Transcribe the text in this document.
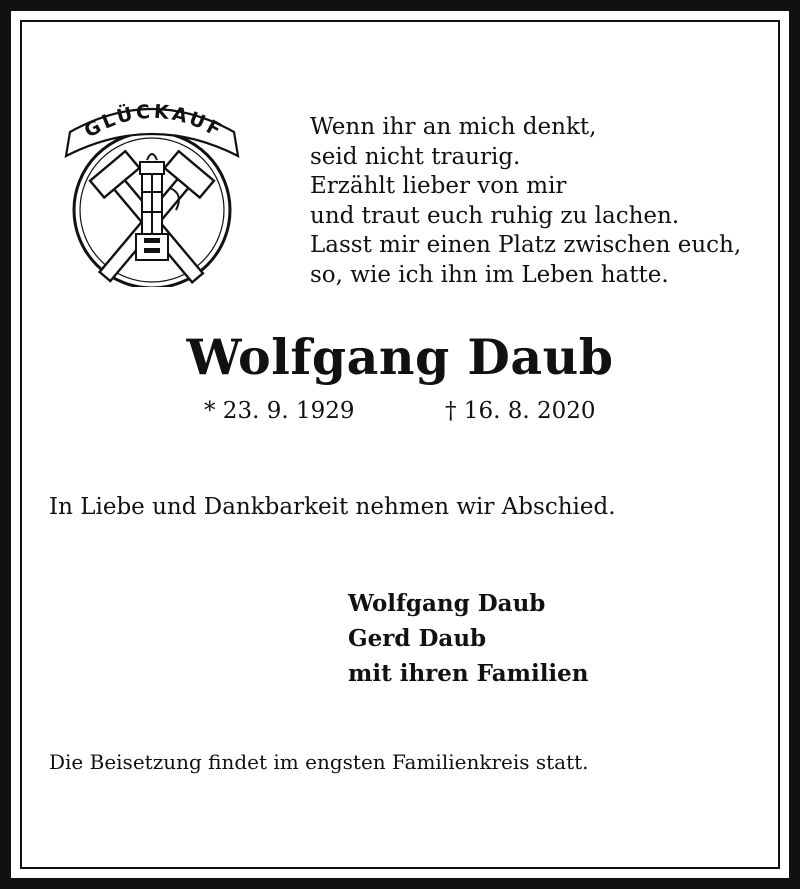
GLÜCKAUF	Wenn ihr an mich denkt,
seid nicht traurig.
Erzählt lieber von mir
und traut euch ruhig zu lachen.
Lasst mir einen Platz zwischen euch,
so, wie ich ihn im Leben hatte.
Wolfgang Daub
* 23. 9. 1929	† 16. 8. 2020
In Liebe und Dankbarkeit nehmen wir Abschied.
Wolfgang Daub
Gerd Daub
mit ihren Familien
Die Beisetzung findet im engsten Familienkreis statt.
